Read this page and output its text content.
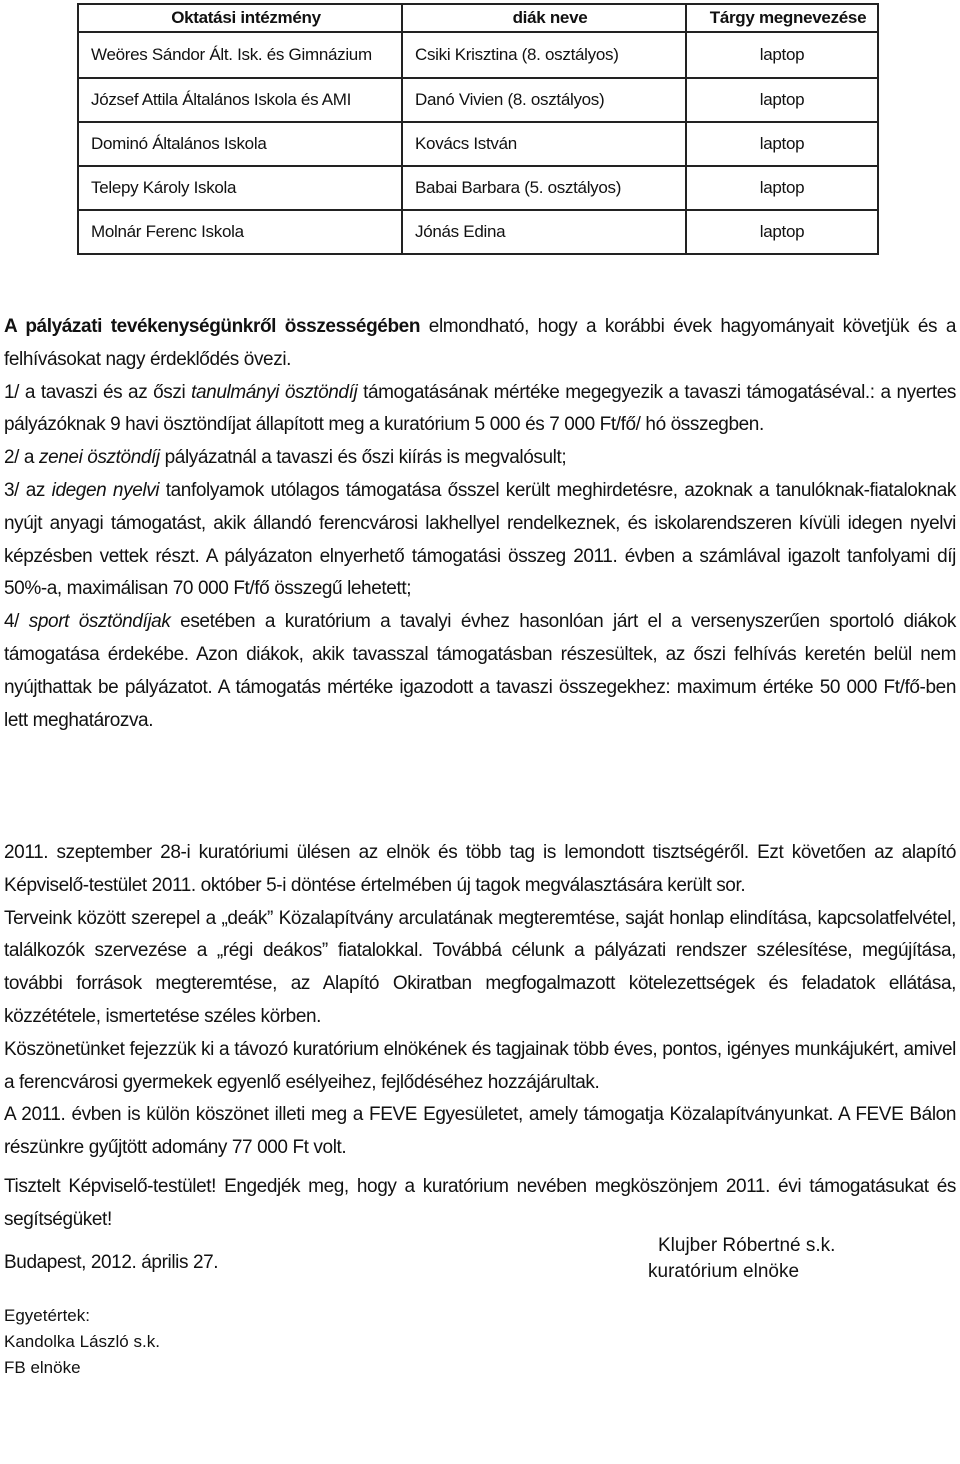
Oktatási intézmény	diák neve	Tárgy megnevezése
Weöres Sándor Ált. Isk. és Gimnázium	Csiki Krisztina (8. osztályos)	laptop
József Attila Általános Iskola és AMI	Danó Vivien (8. osztályos)	laptop
Dominó Általános Iskola	Kovács István	laptop
Telepy Károly Iskola	Babai Barbara (5. osztályos)	laptop
Molnár Ferenc Iskola	Jónás Edina	laptop
A pályázati tevékenységünkről összességében elmondható, hogy a korábbi évek hagyományait követjük és a felhívásokat nagy érdeklődés övezi.
1/ a tavaszi és az őszi tanulmányi ösztöndíj támogatásának mértéke megegyezik a tavaszi támogatáséval.: a nyertes pályázóknak 9 havi ösztöndíjat állapított meg a kuratórium 5 000 és 7 000 Ft/fő/ hó összegben.
2/ a zenei ösztöndíj pályázatnál a tavaszi és őszi kiírás is megvalósult;
3/ az idegen nyelvi tanfolyamok utólagos támogatása ősszel került meghirdetésre, azoknak a tanulóknak-fiataloknak nyújt anyagi támogatást, akik állandó ferencvárosi lakhellyel rendelkeznek, és iskolarendszeren kívüli idegen nyelvi képzésben vettek részt. A pályázaton elnyerhető támogatási összeg 2011. évben a számlával igazolt tanfolyami díj 50%-a, maximálisan 70 000 Ft/fő összegű lehetett;
4/ sport ösztöndíjak esetében a kuratórium a tavalyi évhez hasonlóan járt el a versenyszerűen sportoló diákok támogatása érdekébe. Azon diákok, akik tavasszal támogatásban részesültek, az őszi felhívás keretén belül nem nyújthattak be pályázatot. A támogatás mértéke igazodott a tavaszi összegekhez: maximum értéke 50 000 Ft/fő-ben lett meghatározva.
2011. szeptember 28-i kuratóriumi ülésen az elnök és több tag is lemondott tisztségéről. Ezt követően az alapító Képviselő-testület 2011. október 5-i döntése értelmében új tagok megválasztására került sor.
Terveink között szerepel a „deák” Közalapítvány arculatának megteremtése, saját honlap elindítása, kapcsolatfelvétel, találkozók szervezése a „régi deákos” fiatalokkal. Továbbá célunk a pályázati rendszer szélesítése, megújítása, további források megteremtése, az Alapító Okiratban megfogalmazott kötelezettségek és feladatok ellátása, közzététele, ismertetése széles körben.
Köszönetünket fejezzük ki a távozó kuratórium elnökének és tagjainak több éves, pontos, igényes munkájukért, amivel a ferencvárosi gyermekek egyenlő esélyeihez, fejlődéséhez hozzájárultak.
A 2011. évben is külön köszönet illeti meg a FEVE Egyesületet, amely támogatja Közalapítványunkat. A FEVE Bálon részünkre gyűjtött adomány 77 000 Ft volt.
Tisztelt Képviselő-testület! Engedjék meg, hogy a kuratórium nevében megköszönjem 2011. évi támogatásukat és segítségüket!
Budapest, 2012. április 27.
Klujber Róbertné s.k.
kuratórium elnöke
Egyetértek:
Kandolka László s.k.
FB elnöke
